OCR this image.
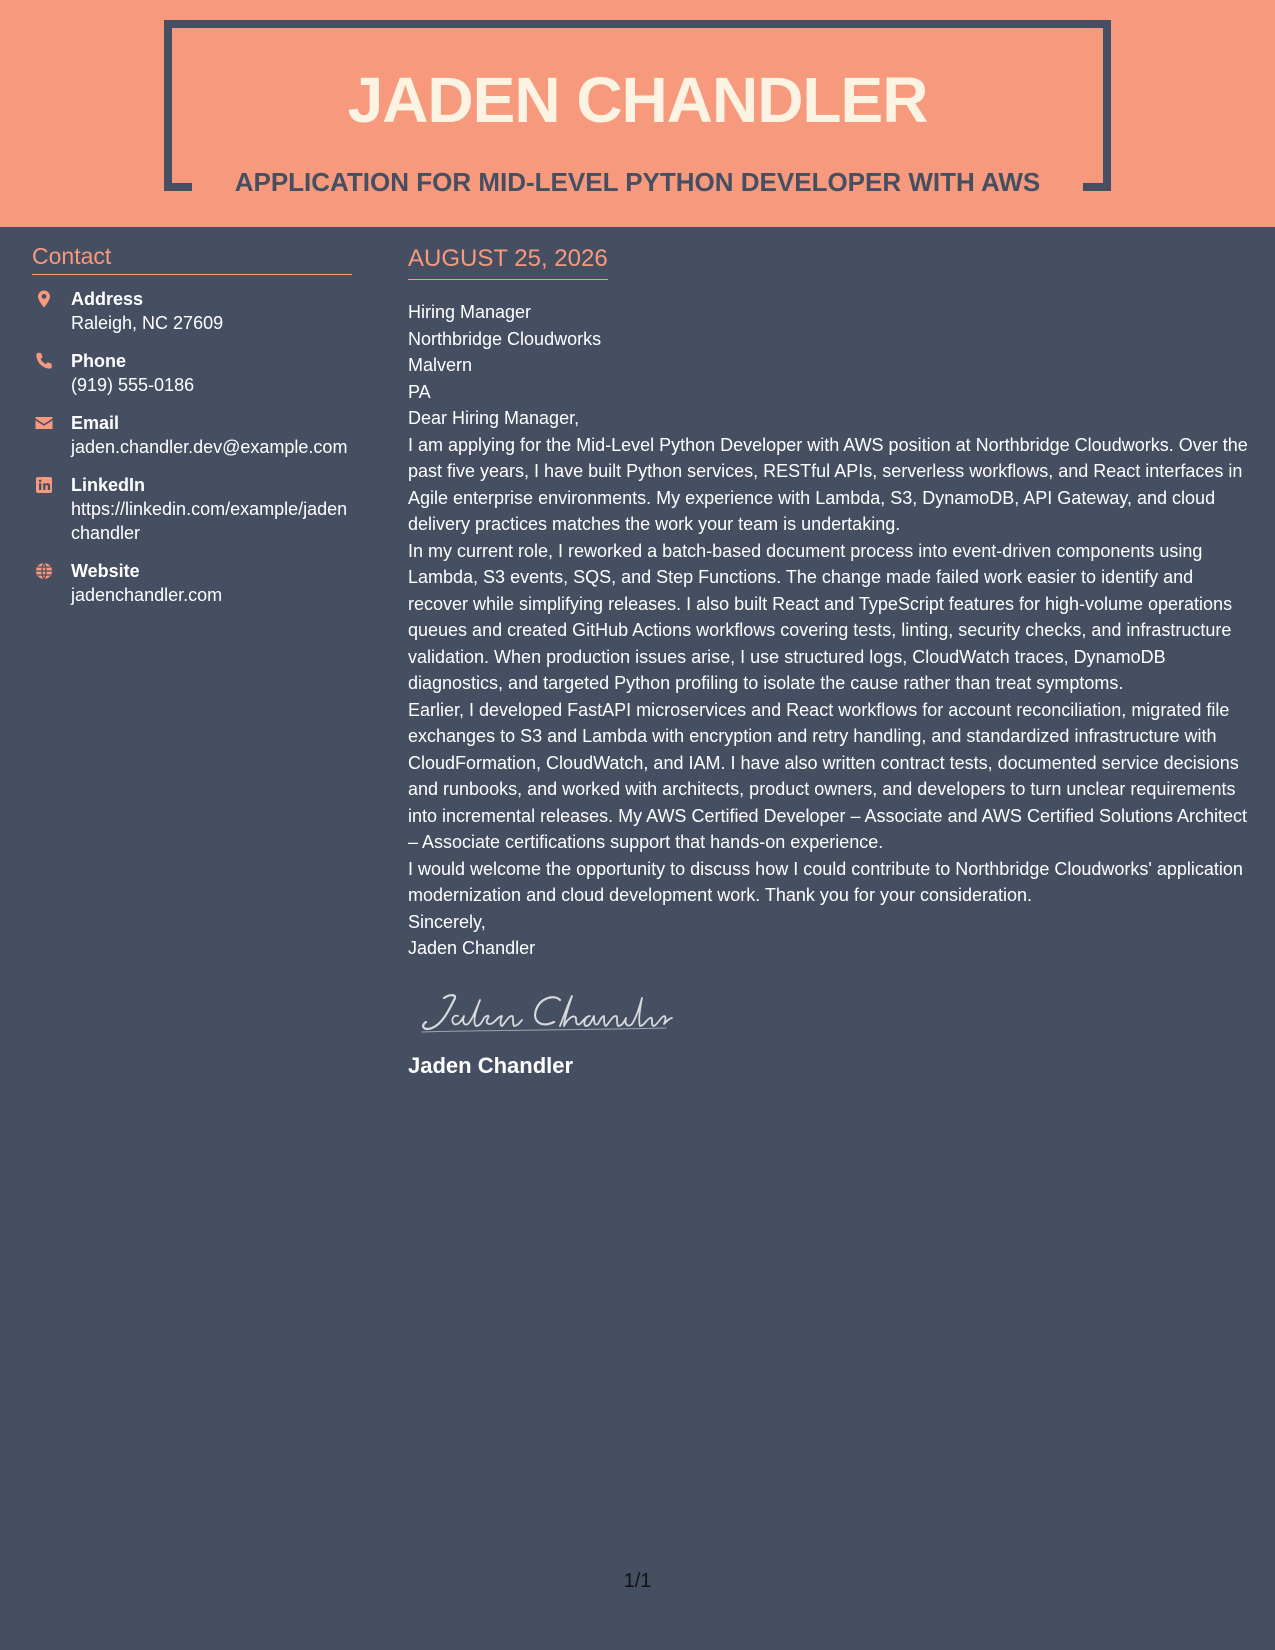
JADEN CHANDLER
APPLICATION FOR MID-LEVEL PYTHON DEVELOPER WITH AWS
Contact
Address
Raleigh, NC 27609
Phone
(919) 555-0186
Email
jaden.chandler.dev@example.com
LinkedIn
https://linkedin.com/example/jadenchandler
Website
jadenchandler.com
AUGUST 25, 2026
Hiring Manager
Northbridge Cloudworks
Malvern
PA

Dear Hiring Manager,

I am applying for the Mid-Level Python Developer with AWS position at Northbridge Cloudworks. Over the past five years, I have built Python services, RESTful APIs, serverless workflows, and React interfaces in Agile enterprise environments. My experience with Lambda, S3, DynamoDB, API Gateway, and cloud delivery practices matches the work your team is undertaking.

In my current role, I reworked a batch-based document process into event-driven components using Lambda, S3 events, SQS, and Step Functions. The change made failed work easier to identify and recover while simplifying releases. I also built React and TypeScript features for high-volume operations queues and created GitHub Actions workflows covering tests, linting, security checks, and infrastructure validation. When production issues arise, I use structured logs, CloudWatch traces, DynamoDB diagnostics, and targeted Python profiling to isolate the cause rather than treat symptoms.

Earlier, I developed FastAPI microservices and React workflows for account reconciliation, migrated file exchanges to S3 and Lambda with encryption and retry handling, and standardized infrastructure with CloudFormation, CloudWatch, and IAM. I have also written contract tests, documented service decisions and runbooks, and worked with architects, product owners, and developers to turn unclear requirements into incremental releases. My AWS Certified Developer – Associate and AWS Certified Solutions Architect – Associate certifications support that hands-on experience.

I would welcome the opportunity to discuss how I could contribute to Northbridge Cloudworks' application modernization and cloud development work. Thank you for your consideration.

Sincerely,

Jaden Chandler

Jaden Chandler
1/1
